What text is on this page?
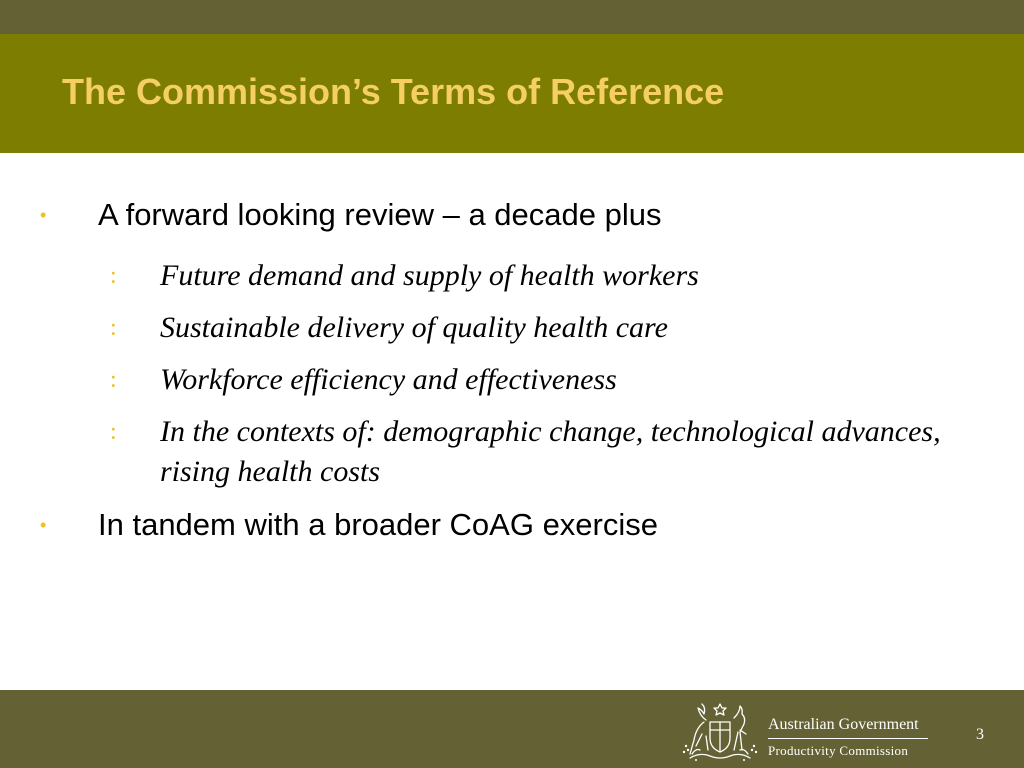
The Commission’s Terms of Reference
• A forward looking review – a decade plus
: Future demand and supply of health workers

: Sustainable delivery of quality health care

: Workforce efficiency and effectiveness

: In the contexts of: demographic change, technological advances, rising health costs

• In tandem with a broader CoAG exercise
Australian Government
Productivity Commission
3
